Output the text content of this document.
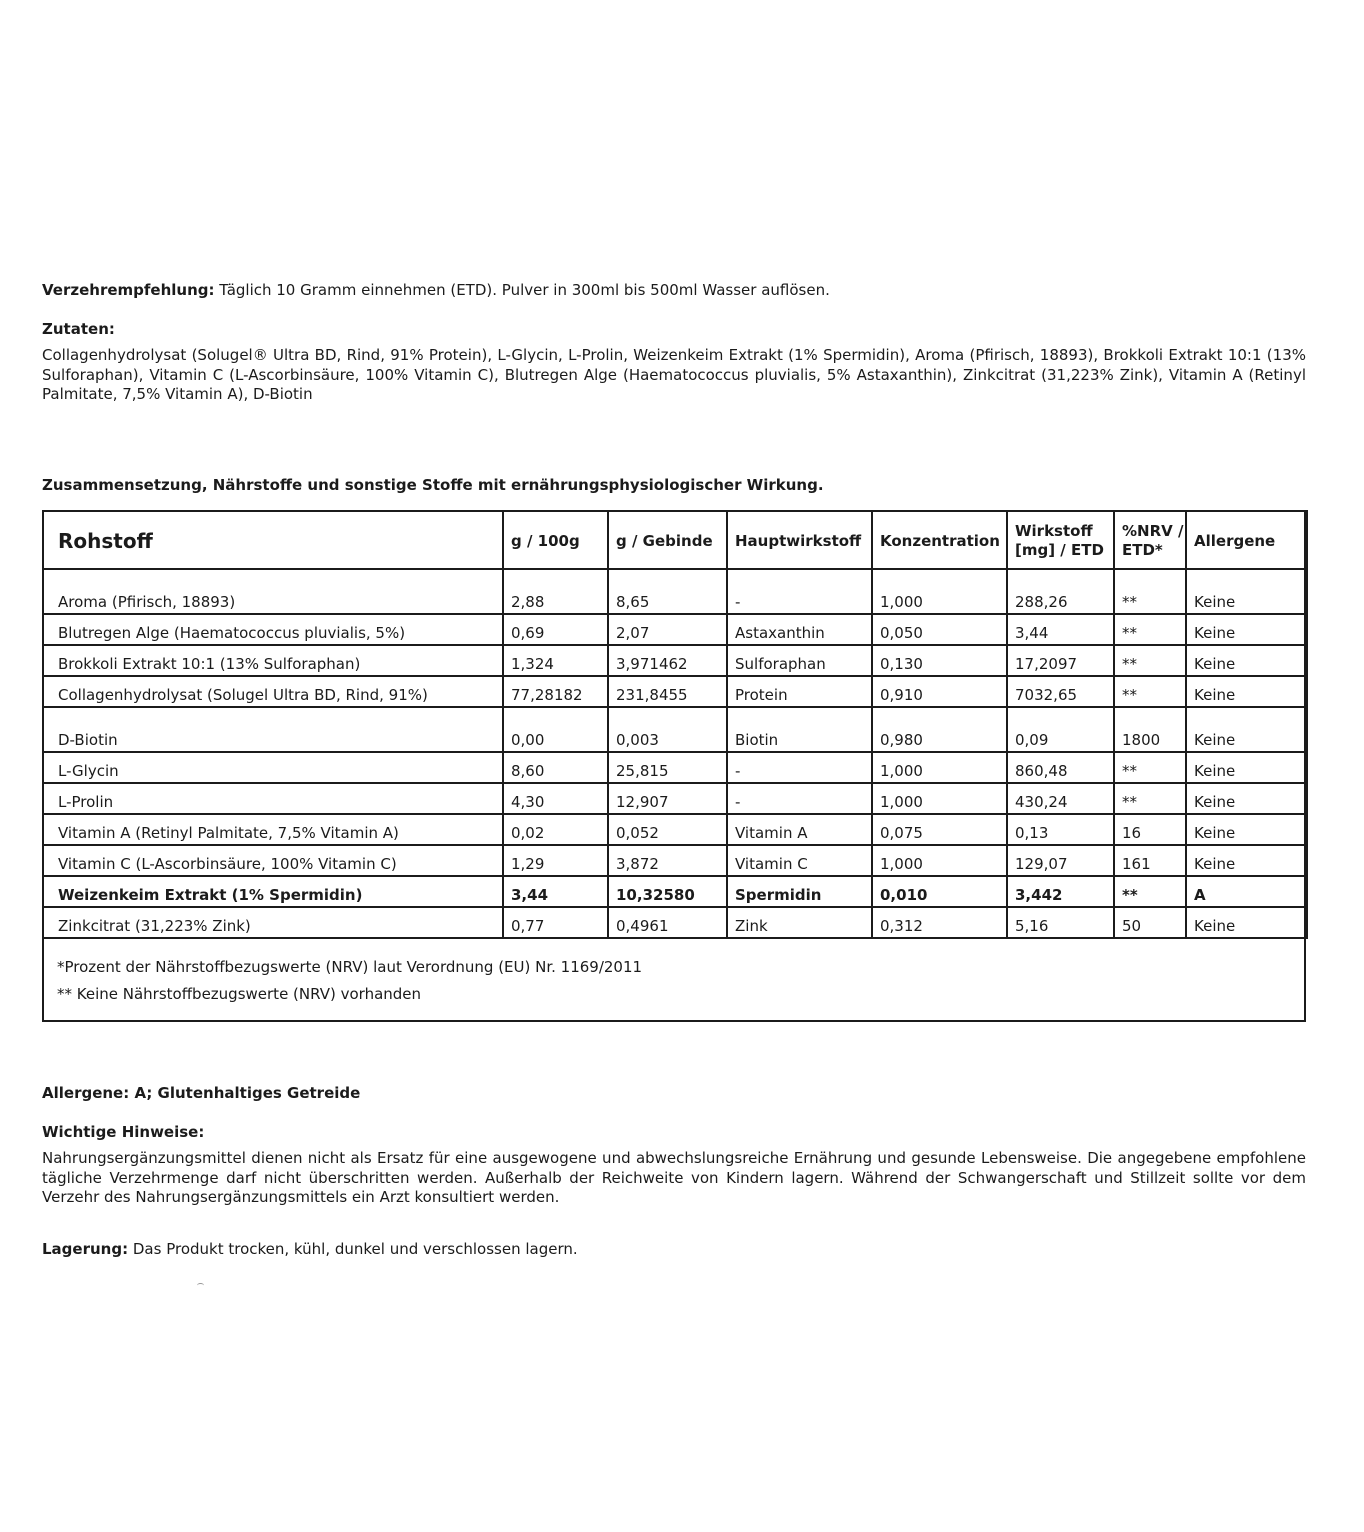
Verzehrempfehlung: Täglich 10 Gramm einnehmen (ETD). Pulver in 300ml bis 500ml Wasser auflösen.
Zutaten:
Collagenhydrolysat (Solugel® Ultra BD, Rind, 91% Protein), L-Glycin, L-Prolin, Weizenkeim Extrakt (1% Spermidin), Aroma (Pfirisch, 18893), Brokkoli Extrakt 10:1 (13% Sulforaphan), Vitamin C (L-Ascorbinsäure, 100% Vitamin C), Blutregen Alge (Haematococcus pluvialis, 5% Astaxanthin), Zinkcitrat (31,223% Zink), Vitamin A (Retinyl Palmitate, 7,5% Vitamin A), D-Biotin
Zusammensetzung, Nährstoffe und sonstige Stoffe mit ernährungsphysiologischer Wirkung.
Rohstoff	g / 100g	g / Gebinde	Hauptwirkstoff	Konzentration	Wirkstoff [mg] / ETD	%NRV / ETD*	Allergene
Aroma (Pfirisch, 18893)	2,88	8,65	-	1,000	288,26	**	Keine
Blutregen Alge (Haematococcus pluvialis, 5%)	0,69	2,07	Astaxanthin	0,050	3,44	**	Keine
Brokkoli Extrakt 10:1 (13% Sulforaphan)	1,324	3,971462	Sulforaphan	0,130	17,2097	**	Keine
Collagenhydrolysat (Solugel Ultra BD, Rind, 91%)	77,28182	231,8455	Protein	0,910	7032,65	**	Keine
D-Biotin	0,00	0,003	Biotin	0,980	0,09	1800	Keine
L-Glycin	8,60	25,815	-	1,000	860,48	**	Keine
L-Prolin	4,30	12,907	-	1,000	430,24	**	Keine
Vitamin A (Retinyl Palmitate, 7,5% Vitamin A)	0,02	0,052	Vitamin A	0,075	0,13	16	Keine
Vitamin C (L-Ascorbinsäure, 100% Vitamin C)	1,29	3,872	Vitamin C	1,000	129,07	161	Keine
Weizenkeim Extrakt (1% Spermidin)	3,44	10,32580	Spermidin	0,010	3,442	**	A
Zinkcitrat (31,223% Zink)	0,77	0,4961	Zink	0,312	5,16	50	Keine
*Prozent der Nährstoffbezugswerte (NRV) laut Verordnung (EU) Nr. 1169/2011
** Keine Nährstoffbezugswerte (NRV) vorhanden
Allergene: A; Glutenhaltiges Getreide
Wichtige Hinweise:
Nahrungsergänzungsmittel dienen nicht als Ersatz für eine ausgewogene und abwechslungsreiche Ernährung und gesunde Lebensweise. Die angegebene empfohlene tägliche Verzehrmenge darf nicht überschritten werden. Außerhalb der Reichweite von Kindern lagern. Während der Schwangerschaft und Stillzeit sollte vor dem Verzehr des Nahrungsergänzungsmittels ein Arzt konsultiert werden.
Lagerung: Das Produkt trocken, kühl, dunkel und verschlossen lagern.
